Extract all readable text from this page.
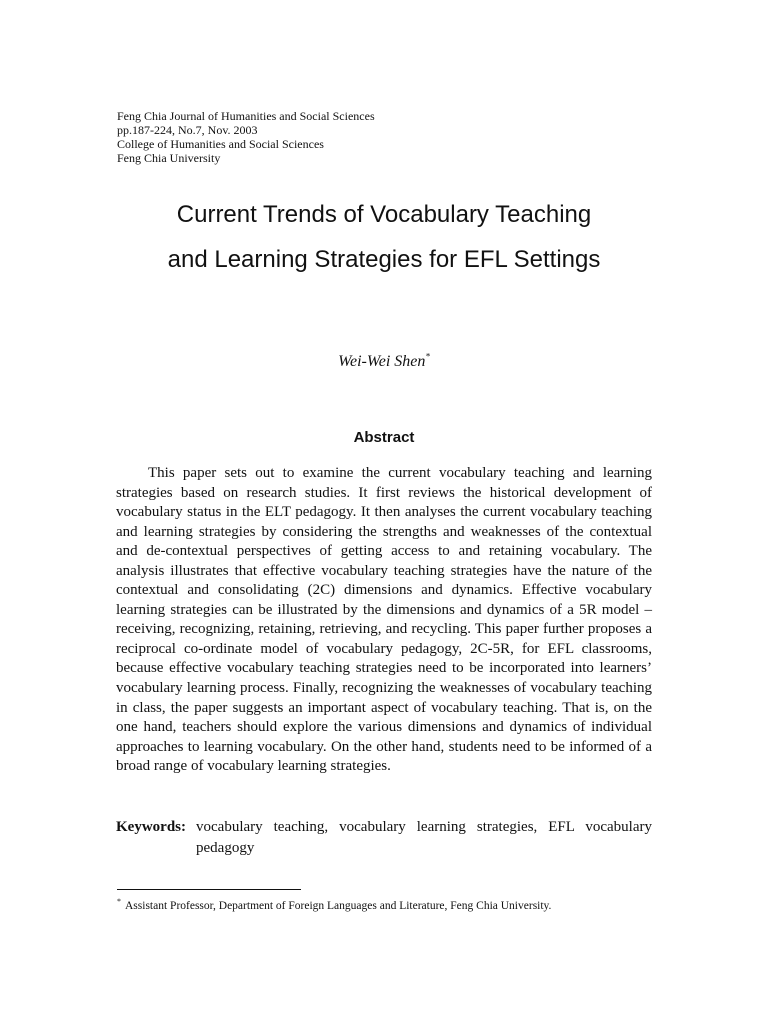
Feng Chia Journal of Humanities and Social Sciences
pp.187-224, No.7, Nov. 2003
College of Humanities and Social Sciences
Feng Chia University
Current Trends of Vocabulary Teaching
and Learning Strategies for EFL Settings
Wei-Wei Shen*
Abstract

This paper sets out to examine the current vocabulary teaching and learning strategies based on research studies. It first reviews the historical development of vocabulary status in the ELT pedagogy. It then analyses the current vocabulary teaching and learning strategies by considering the strengths and weaknesses of the contextual and de-contextual perspectives of getting access to and retaining vocabulary. The analysis illustrates that effective vocabulary teaching strategies have the nature of the contextual and consolidating (2C) dimensions and dynamics. Effective vocabulary learning strategies can be illustrated by the dimensions and dynamics of a 5R model – receiving, recognizing, retaining, retrieving, and recycling. This paper further proposes a reciprocal co-ordinate model of vocabulary pedagogy, 2C-5R, for EFL classrooms, because effective vocabulary teaching strategies need to be incorporated into learners’ vocabulary learning process. Finally, recognizing the weaknesses of vocabulary teaching in class, the paper suggests an important aspect of vocabulary teaching. That is, on the one hand, teachers should explore the various dimensions and dynamics of individual approaches to learning vocabulary. On the other hand, students need to be informed of a broad range of vocabulary learning strategies.

Keywords: vocabulary teaching, vocabulary learning strategies, EFL vocabulary pedagogy
* Assistant Professor, Department of Foreign Languages and Literature, Feng Chia University.
